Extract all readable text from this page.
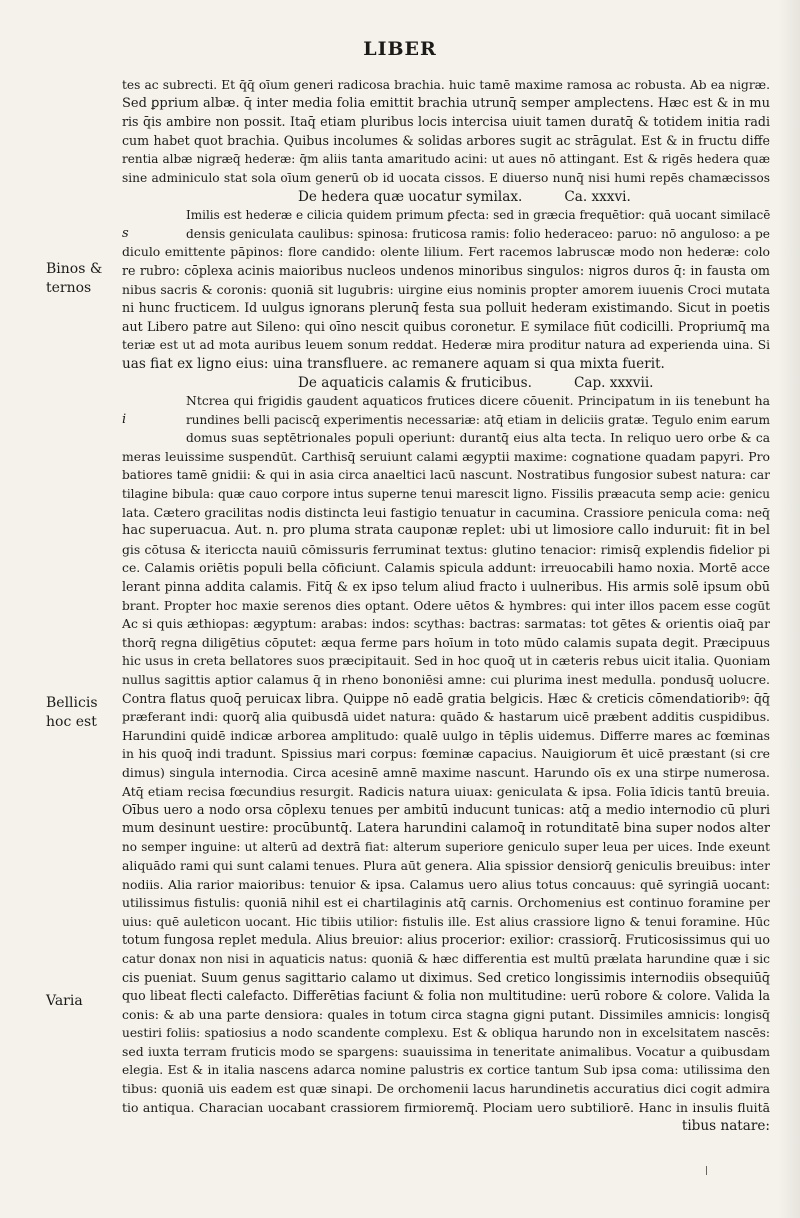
LIBER
Binos &
ternos
Bellicis
hoc est
Varia
tes ac subrecti. Et q̄q̄ oīum generi radicosa brachia. huic tamē maxime ramosa ac robusta. Ab ea nigræ.
Sed ꝑprium albæ. q̄ inter media folia emittit brachia utrunq̄ semper amplectens. Hæc est & in mu
ris q̄is ambire non possit. Itaq̄ etiam pluribus locis intercisa uiuit tamen duratq̄ & totidem initia radi
cum habet quot brachia. Quibus incolumes & solidas arbores sugit ac strāgulat. Est & in fructu diffe
rentia albæ nigræq̄ hederæ: q̄m aliis tanta amaritudo acini: ut aues nō attingant. Est & rigēs hedera quæ
sine adminiculo stat sola oīum generū ob id uocata cissos. E diuerso nunq̄ nisi humi repēs chamæcissos
De hedera quæ uocatur symilax.	Ca. xxxvi.
Imilis est hederæ e cilicia quidem primum ꝑfecta: sed in græcia frequētior: quā uocant similacē
s	densis geniculata caulibus: spinosa: fruticosa ramis: folio hederaceo: paruo: nō anguloso: a pe
diculo emittente pāpinos: flore candido: olente lilium. Fert racemos labruscæ modo non hederæ: colo
re rubro: cōplexa acinis maioribus nucleos undenos minoribus singulos: nigros duros q̄: in fausta om
nibus sacris & coronis: quoniā sit lugubris: uirgine eius nominis propter amorem iuuenis Croci mutata
ni hunc fructicem. Id uulgus ignorans plerunq̄ festa sua polluit hederam existimando. Sicut in poetis
aut Libero patre aut Sileno: qui oīno nescit quibus coronetur. E symilace fiūt codicilli. Propriumq̄ ma
teriæ est ut ad mota auribus leuem sonum reddat. Hederæ mira proditur natura ad experienda uina. Si
uas fiat ex ligno eius: uina transfluere. ac remanere aquam si qua mixta fuerit.
De aquaticis calamis & fruticibus.	Cap. xxxvii.
Ntcrea qui frigidis gaudent aquaticos frutices dicere cōuenit. Principatum in iis tenebunt ha
i	rundines belli paciscq̄ experimentis necessariæ: atq̄ etiam in deliciis gratæ. Tegulo enim earum
domus suas septētrionales populi operiunt: durantq̄ eius alta tecta. In reliquo uero orbe & ca
meras leuissime suspendūt. Carthisq̄ seruiunt calami ægyptii maxime: cognatione quadam papyri. Pro
batiores tamē gnidii: & qui in asia circa anaeltici lacū nascunt. Nostratibus fungosior subest natura: car
tilagine bibula: quæ cauo corpore intus superne tenui marescit ligno. Fissilis præacuta semp acie: genicu
lata. Cætero gracilitas nodis distincta leui fastigio tenuatur in cacumina. Crassiore penicula coma: neq̄
hac superuacua. Aut. n. pro pluma strata cauponæ replet: ubi ut limosiore callo induruit: fit in bel
gis cōtusa & itericcta nauiū cōmissuris ferruminat textus: glutino tenacior: rimisq̄ explendis fidelior pi
ce. Calamis oriētis populi bella cōficiunt. Calamis spicula addunt: irreuocabili hamo noxia. Mortē acce
lerant pinna addita calamis. Fitq̄ & ex ipso telum aliud fracto i uulneribus. His armis solē ipsum obū
brant. Propter hoc maxie serenos dies optant. Odere uētos & hymbres: qui inter illos pacem esse cogūt
Ac si quis æthiopas: ægyptum: arabas: indos: scythas: bactras: sarmatas: tot gētes & orientis oiaq̄ par
thorq̄ regna diligētius cōputet: æqua ferme pars hoīum in toto mūdo calamis supata degit. Præcipuus
hic usus in creta bellatores suos præcipitauit. Sed in hoc quoq̄ ut in cæteris rebus uicit italia. Quoniam
nullus sagittis aptior calamus q̄ in rheno bononiēsi amne: cui plurima inest medulla. pondusq̄ uolucre.
Contra flatus quoq̄ peruicax libra. Quippe nō eadē gratia belgicis. Hæc & creticis cōmendatioribꝰ: q̄q̄
præferant indi: quorq̄ alia quibusdā uidet natura: quādo & hastarum uicē præbent additis cuspidibus.
Harundini quidē indicæ arborea amplitudo: qualē uulgo in tēplis uidemus. Differre mares ac fœminas
in his quoq̄ indi tradunt. Spissius mari corpus: fœminæ capacius. Nauigiorum ēt uicē præstant (si cre
dimus) singula internodia. Circa acesinē amnē maxime nascunt. Harundo oīs ex una stirpe numerosa.
Atq̄ etiam recisa fœcundius resurgit. Radicis natura uiuax: geniculata & ipsa. Folia īdicis tantū breuia.
Oībus uero a nodo orsa cōplexu tenues per ambitū inducunt tunicas: atq̄ a medio internodio cū pluri
mum desinunt uestire: procūbuntq̄. Latera harundini calamoq̄ in rotunditatē bina super nodos alter
no semper inguine: ut alterū ad dextrā fiat: alterum superiore geniculo super leua per uices. Inde exeunt
aliquādo rami qui sunt calami tenues. Plura aūt genera. Alia spissior densiorq̄ geniculis breuibus: inter
nodiis. Alia rarior maioribus: tenuior & ipsa. Calamus uero alius totus concauus: quē syringiā uocant:
utilissimus fistulis: quoniā nihil est ei chartilaginis atq̄ carnis. Orchomenius est continuo foramine per
uius: quē auleticon uocant. Hic tibiis utilior: fistulis ille. Est alius crassiore ligno & tenui foramine. Hūc
totum fungosa replet medula. Alius breuior: alius procerior: exilior: crassiorq̄. Fruticosissimus qui uo
catur donax non nisi in aquaticis natus: quoniā & hæc differentia est multū prælata harundine quæ i sic
cis pueniat. Suum genus sagittario calamo ut diximus. Sed cretico longissimis internodiis obsequiūq̄
quo libeat flecti calefacto. Differētias faciunt & folia non multitudine: uerū robore & colore. Valida la
conis: & ab una parte densiora: quales in totum circa stagna gigni putant. Dissimiles amnicis: longisq̄
uestiri foliis: spatiosius a nodo scandente complexu. Est & obliqua harundo non in excelsitatem nascēs:
sed iuxta terram fruticis modo se spargens: suauissima in teneritate animalibus. Vocatur a quibusdam
elegia. Est & in italia nascens adarca nomine palustris ex cortice tantum Sub ipsa coma: utilissima den
tibus: quoniā uis eadem est quæ sinapi. De orchomenii lacus harundinetis accuratius dici cogit admira
tio antiqua. Characian uocabant crassiorem firmioremq̄. Plociam uero subtiliorē. Hanc in insulis fluitā
tibus natare:
